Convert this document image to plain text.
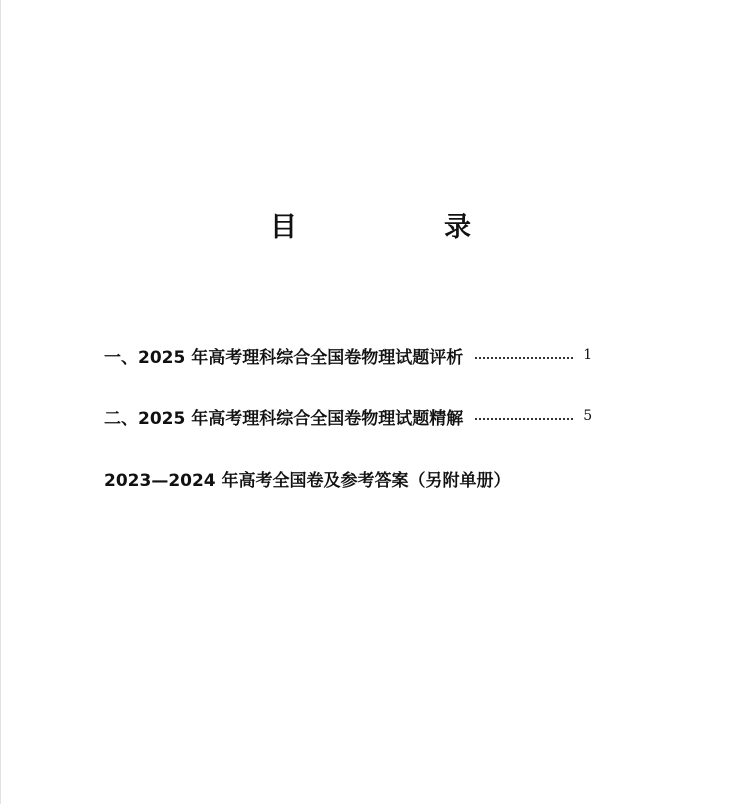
目　录
一、2025 年高考理科综合全国卷物理试题评析	1
二、2025 年高考理科综合全国卷物理试题精解	5
2023—2024 年高考全国卷及参考答案（另附单册）
